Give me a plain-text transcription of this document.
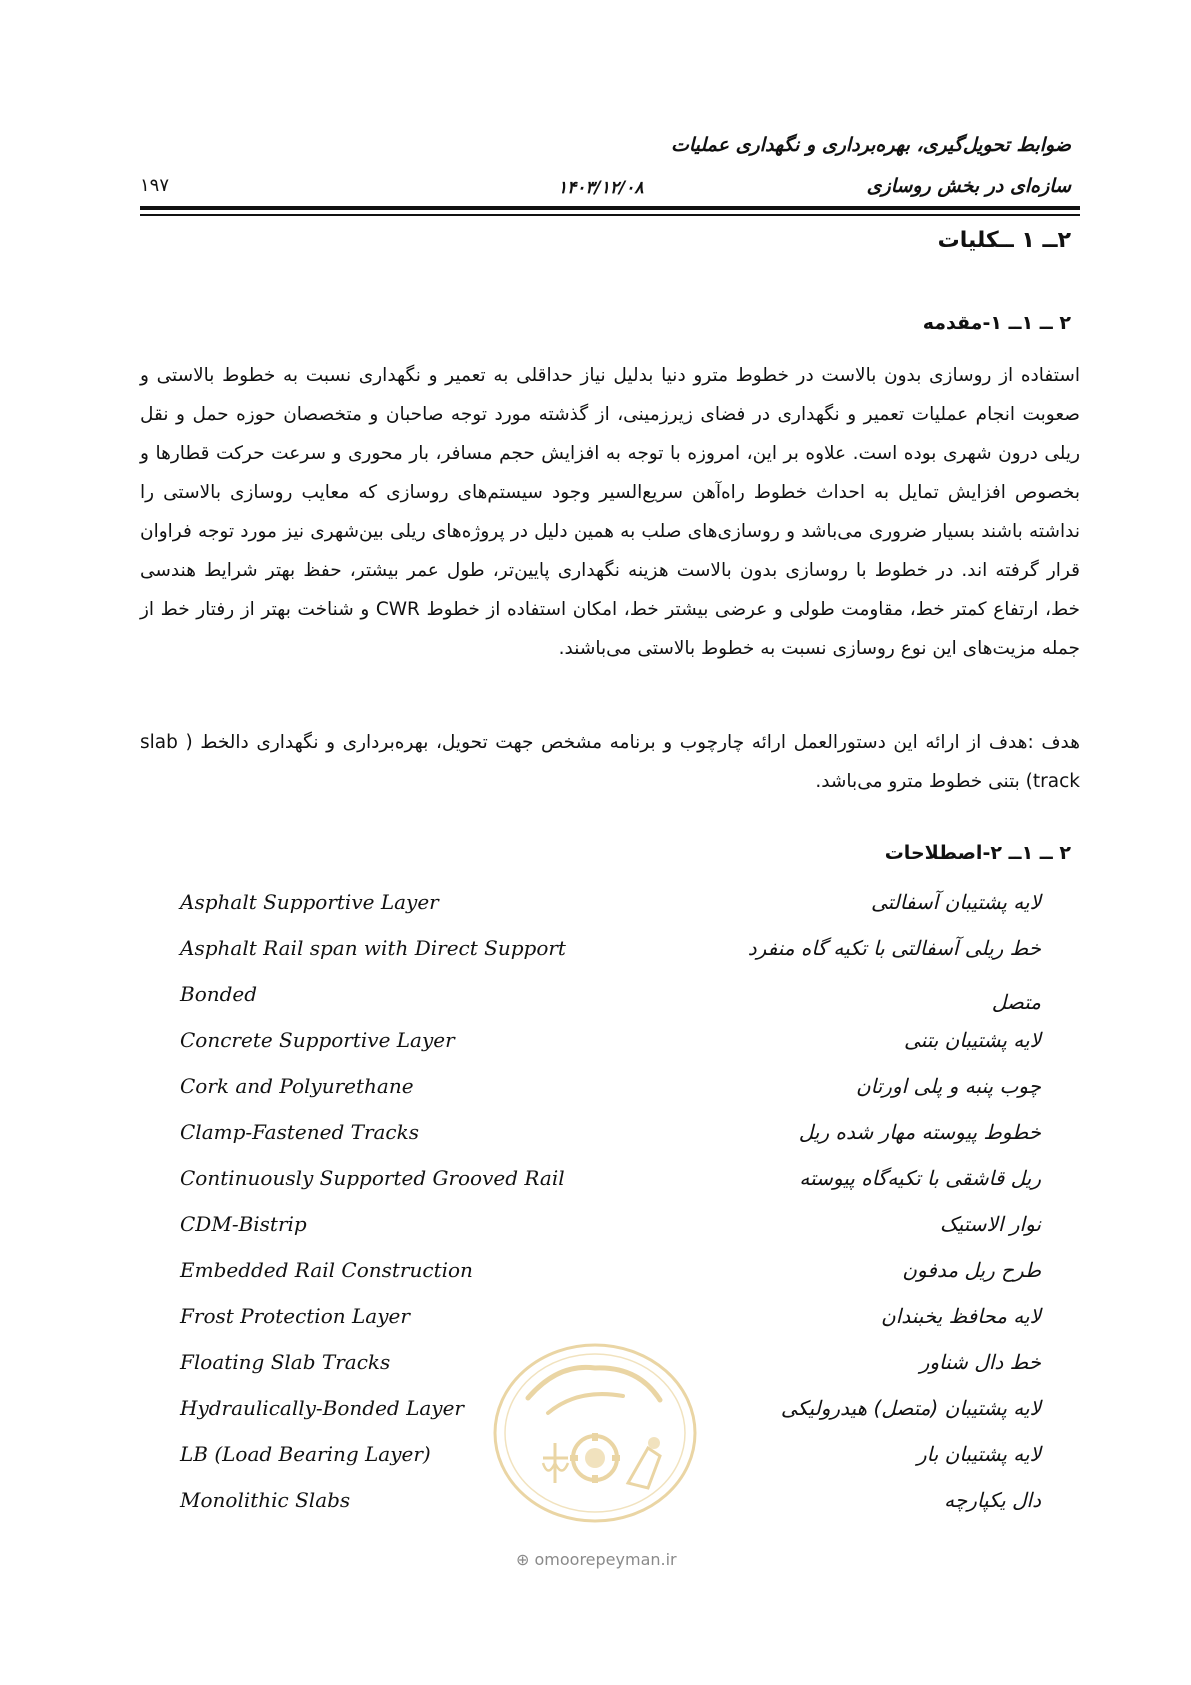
ضوابط تحویل‌گیری، بهره‌برداری و نگهداری عملیات
سازه‌ای در بخش روسازی
۱۴۰۳/۱۲/۰۸
۱۹۷
۲ــ ۱ ــکلیات
۲ ــ ۱ــ ۱-مقدمه
استفاده از روسازی بدون بالاست در خطوط مترو دنیا بدلیل نیاز حداقلی به تعمیر و نگهداری نسبت به خطوط بالاستی و صعوبت انجام عملیات تعمیر و نگهداری در فضای زیرزمینی، از گذشته مورد توجه صاحبان و متخصصان حوزه حمل و نقل ریلی درون شهری بوده است. علاوه بر این، امروزه با توجه به افزایش حجم مسافر، بار محوری و سرعت حرکت قطارها و بخصوص افزایش تمایل به احداث خطوط راه‌آهن سریع‌السیر وجود سیستم‌های روسازی که معایب روسازی بالاستی را نداشته باشند بسیار ضروری می‌باشد و روسازی‌های صلب به همین دلیل در پروژه‌های ریلی بین‌شهری نیز مورد توجه فراوان قرار گرفته اند. در خطوط با روسازی بدون بالاست هزینه نگهداری پایین‌تر، طول عمر بیشتر، حفظ بهتر شرایط هندسی خط، ارتفاع کمتر خط، مقاومت طولی و عرضی بیشتر خط، امکان استفاده از خطوط CWR و شناخت بهتر از رفتار خط از جمله مزیت‌های این نوع روسازی نسبت به خطوط بالاستی می‌باشند.
هدف :هدف از ارائه این دستورالعمل ارائه چارچوب و برنامه مشخص جهت تحویل، بهره‌برداری و نگهداری دالخط ( slab track) بتنی خطوط مترو می‌باشد.
۲ ــ ۱ــ ۲-اصطلاحات
Asphalt Supportive Layer	لایه پشتیبان آسفالتی
Asphalt Rail span with Direct Support	خط ریلی آسفالتی با تکیه گاه منفرد
Bonded	متصل
Concrete Supportive Layer	لایه پشتیبان بتنی
Cork and Polyurethane	چوب پنبه و پلی اورتان
Clamp-Fastened Tracks	خطوط پیوسته مهار شده ریل
Continuously Supported Grooved Rail	ریل قاشقی با تکیه‌گاه پیوسته
CDM-Bistrip	نوار الاستیک
Embedded Rail Construction	طرح ریل مدفون
Frost Protection Layer	لایه محافظ یخبندان
Floating Slab Tracks	خط دال شناور
Hydraulically-Bonded Layer	لایه پشتیبان (متصل) هیدرولیکی
LB (Load Bearing Layer)	لایه پشتیبان بار
Monolithic Slabs	دال یکپارچه
⊕ omoorepeyman.ir
